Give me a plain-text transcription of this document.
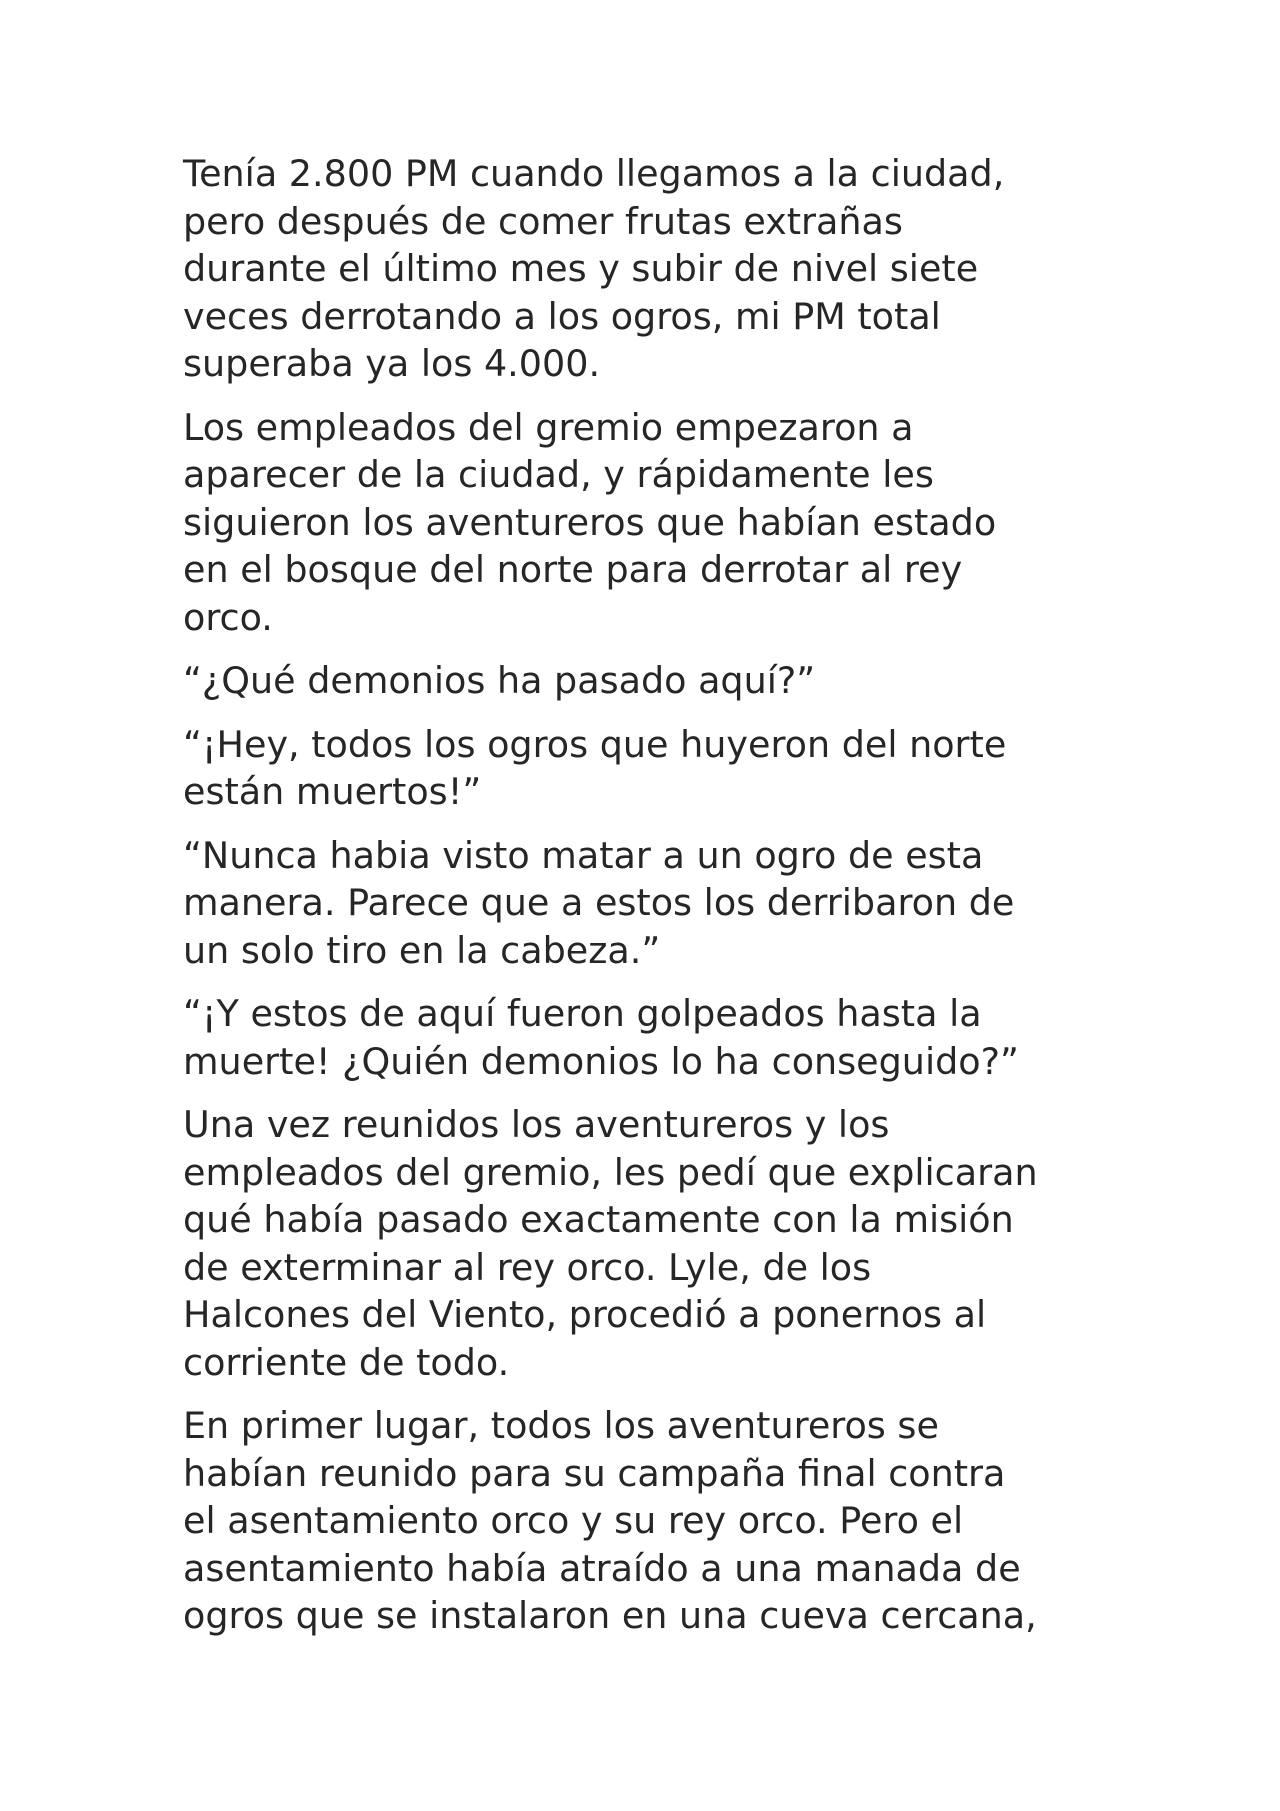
Tenía 2.800 PM cuando llegamos a la ciudad,
pero después de comer frutas extrañas
durante el último mes y subir de nivel siete
veces derrotando a los ogros, mi PM total
superaba ya los 4.000.

Los empleados del gremio empezaron a
aparecer de la ciudad, y rápidamente les
siguieron los aventureros que habían estado
en el bosque del norte para derrotar al rey
orco.

“¿Qué demonios ha pasado aquí?”

“¡Hey, todos los ogros que huyeron del norte
están muertos!”

“Nunca habia visto matar a un ogro de esta
manera. Parece que a estos los derribaron de
un solo tiro en la cabeza.”

“¡Y estos de aquí fueron golpeados hasta la
muerte! ¿Quién demonios lo ha conseguido?”

Una vez reunidos los aventureros y los
empleados del gremio, les pedí que explicaran
qué había pasado exactamente con la misión
de exterminar al rey orco. Lyle, de los
Halcones del Viento, procedió a ponernos al
corriente de todo.

En primer lugar, todos los aventureros se
habían reunido para su campaña final contra
el asentamiento orco y su rey orco. Pero el
asentamiento había atraído a una manada de
ogros que se instalaron en una cueva cercana,
